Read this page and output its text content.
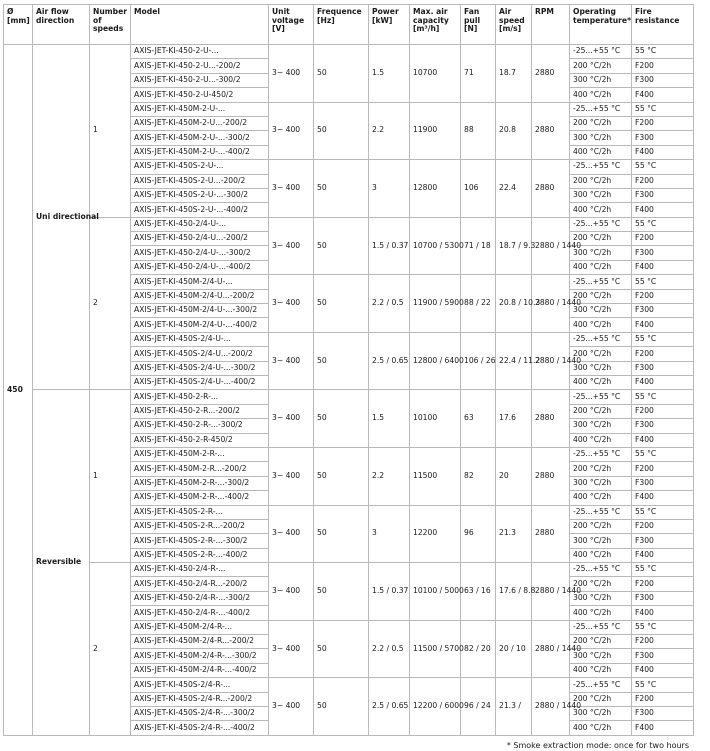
Ø [mm]	Air flow direction	Number of speeds	Model	Unit voltage [V]	Frequence [Hz]	Power [kW]	Max. air capacity [m³/h]	Fan pull [N]	Air speed [m/s]	RPM	Operating temperature*	Fire resistance
450	Uni directional	1	AXIS-JET-KI-450-2-U-...	3~ 400	50	1.5	10700	71	18.7	2880	-25...+55 °C	55 °C
			AXIS-JET-KI-450-2-U...-200/2								200 °C/2h	F200
			AXIS-JET-KI-450-2-U...-300/2								300 °C/2h	F300
			AXIS-JET-KI-450-2-U-450/2								400 °C/2h	F400
			AXIS-JET-KI-450M-2-U-...	3~ 400	50	2.2	11900	88	20.8	2880	-25...+55 °C	55 °C
			AXIS-JET-KI-450M-2-U...-200/2								200 °C/2h	F200
			AXIS-JET-KI-450M-2-U-...-300/2								300 °C/2h	F300
			AXIS-JET-KI-450M-2-U-...-400/2								400 °C/2h	F400
			AXIS-JET-KI-450S-2-U-...	3~ 400	50	3	12800	106	22.4	2880	-25...+55 °C	55 °C
			AXIS-JET-KI-450S-2-U...-200/2								200 °C/2h	F200
			AXIS-JET-KI-450S-2-U-...-300/2								300 °C/2h	F300
			AXIS-JET-KI-450S-2-U-...-400/2								400 °C/2h	F400
		2	AXIS-JET-KI-450-2/4-U-...	3~ 400	50	1.5 / 0.37	10700 / 5300	71 / 18	18.7 / 9.3	2880 / 1440	-25...+55 °C	55 °C
			AXIS-JET-KI-450-2/4-U...-200/2								200 °C/2h	F200
			AXIS-JET-KI-450-2/4-U-...-300/2								300 °C/2h	F300
			AXIS-JET-KI-450-2/4-U-...-400/2								400 °C/2h	F400
			AXIS-JET-KI-450M-2/4-U-...	3~ 400	50	2.2 / 0.5	11900 / 5900	88 / 22	20.8 / 10.3	2880 / 1440	-25...+55 °C	55 °C
			AXIS-JET-KI-450M-2/4-U...-200/2								200 °C/2h	F200
			AXIS-JET-KI-450M-2/4-U-...-300/2								300 °C/2h	F300
			AXIS-JET-KI-450M-2/4-U-...-400/2								400 °C/2h	F400
			AXIS-JET-KI-450S-2/4-U-...	3~ 400	50	2.5 / 0.65	12800 / 6400	106 / 26	22.4 / 11.2	2880 / 1440	-25...+55 °C	55 °C
			AXIS-JET-KI-450S-2/4-U...-200/2								200 °C/2h	F200
			AXIS-JET-KI-450S-2/4-U-...-300/2								300 °C/2h	F300
			AXIS-JET-KI-450S-2/4-U-...-400/2								400 °C/2h	F400
	Reversible	1	AXIS-JET-KI-450-2-R-...	3~ 400	50	1.5	10100	63	17.6	2880	-25...+55 °C	55 °C
			AXIS-JET-KI-450-2-R...-200/2								200 °C/2h	F200
			AXIS-JET-KI-450-2-R-...-300/2								300 °C/2h	F300
			AXIS-JET-KI-450-2-R-450/2								400 °C/2h	F400
			AXIS-JET-KI-450M-2-R-...	3~ 400	50	2.2	11500	82	20	2880	-25...+55 °C	55 °C
			AXIS-JET-KI-450M-2-R...-200/2								200 °C/2h	F200
			AXIS-JET-KI-450M-2-R-...-300/2								300 °C/2h	F300
			AXIS-JET-KI-450M-2-R-...-400/2								400 °C/2h	F400
			AXIS-JET-KI-450S-2-R-...	3~ 400	50	3	12200	96	21.3	2880	-25...+55 °C	55 °C
			AXIS-JET-KI-450S-2-R...-200/2								200 °C/2h	F200
			AXIS-JET-KI-450S-2-R-...-300/2								300 °C/2h	F300
			AXIS-JET-KI-450S-2-R-...-400/2								400 °C/2h	F400
		2	AXIS-JET-KI-450-2/4-R-...	3~ 400	50	1.5 / 0.37	10100 / 5000	63 / 16	17.6 / 8.8	2880 / 1440	-25...+55 °C	55 °C
			AXIS-JET-KI-450-2/4-R...-200/2								200 °C/2h	F200
			AXIS-JET-KI-450-2/4-R-...-300/2								300 °C/2h	F300
			AXIS-JET-KI-450-2/4-R-...-400/2								400 °C/2h	F400
			AXIS-JET-KI-450M-2/4-R-...	3~ 400	50	2.2 / 0.5	11500 / 5700	82 / 20	20 / 10	2880 / 1440	-25...+55 °C	55 °C
			AXIS-JET-KI-450M-2/4-R...-200/2								200 °C/2h	F200
			AXIS-JET-KI-450M-2/4-R-...-300/2								300 °C/2h	F300
			AXIS-JET-KI-450M-2/4-R-...-400/2								400 °C/2h	F400
			AXIS-JET-KI-450S-2/4-R-...	3~ 400	50	2.5 / 0.65	12200 / 6000	96 / 24	21.3 /	2880 / 1440	-25...+55 °C	55 °C
			AXIS-JET-KI-450S-2/4-R...-200/2								200 °C/2h	F200
			AXIS-JET-KI-450S-2/4-R-...-300/2								300 °C/2h	F300
			AXIS-JET-KI-450S-2/4-R-...-400/2								400 °C/2h	F400
* Smoke extraction mode: once for two hours
